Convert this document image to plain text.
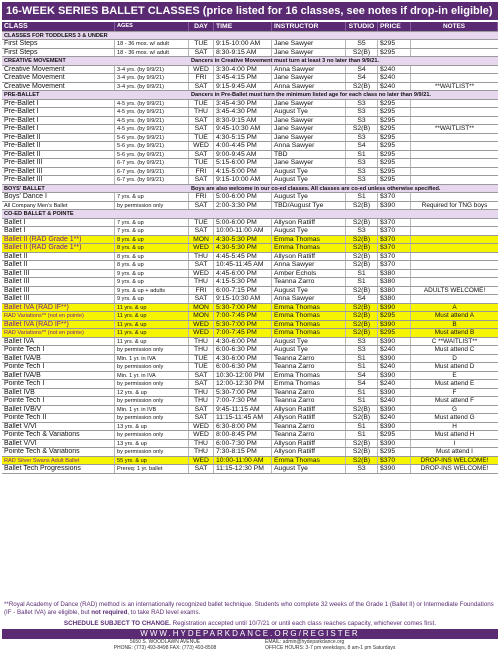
16-WEEK SERIES BALLET CLASSES (price listed for 16 classes, see notes if drop-in eligible)
CLASS	AGES	DAY	TIME	INSTRUCTOR	STUDIO PRICE	NOTES
CLASSES FOR TODDLERS 3 & UNDER
First Steps	18 - 36 mos. w/ adult	TUE	9:15-10:00 AM	Jane Sawyer	S5	$295
First Steps	18 - 36 mos. w/ adult	SAT	8:30-9:15 AM	Jane Sawyer	S2(B)	$295
CREATIVE MOVEMENT	Dancers in Creative Movement must turn at least 3 no later than 9/9/21.
Creative Movement	3-4 yrs. (by 9/9/21)	WED	3:30-4:00 PM	Anna Sawyer	S4	$240
Creative Movement	3-4 yrs. (by 9/9/21)	FRI	3:45-4:15 PM	Jane Sawyer	S4	$240
Creative Movement	3-4 yrs. (by 9/9/21)	SAT	9:15-9:45 AM	Anna Sawyer	S2(B)	$240	**WAITLIST**
PRE-BALLET	Dancers in Pre-Ballet must turn the minimum listed age for each class no later than 9/9/21.
Pre-Ballet I	4-5 yrs. (by 9/9/21)	TUE	3:45-4:30 PM	Jane Sawyer	S3	$295
Pre-Ballet I	4-5 yrs. (by 9/9/21)	THU	3:45-4:30 PM	August Tye	S3	$295
Pre-Ballet I	4-5 yrs. (by 9/9/21)	SAT	8:30-9:15 AM	Jane Sawyer	S3	$295
Pre-Ballet I	4-5 yrs. (by 9/9/21)	SAT	9:45-10:30 AM	Jane Sawyer	S2(B)	$295	**WAITLIST**
Pre-Ballet II	5-6 yrs. (by 9/9/21)	TUE	4:30-5:15 PM	Jane Sawyer	S3	$295
Pre-Ballet II	5-6 yrs. (by 9/9/21)	WED	4:00-4:45 PM	Anna Sawyer	S4	$295
Pre-Ballet II	5-6 yrs. (by 9/9/21)	SAT	9:00-9:45 AM	TBD	S1	$295
Pre-Ballet III	6-7 yrs. (by 9/9/21)	TUE	5:15-6:00 PM	Jane Sawyer	S3	$295
Pre-Ballet III	6-7 yrs. (by 9/9/21)	FRI	4:15-5:00 PM	August Tye	S3	$295
Pre-Ballet III	6-7 yrs. (by 9/9/21)	SAT	9:15-10:00 AM	August Tye	S3	$295
BOYS' BALLET	Boys are also welcome in our co-ed classes. All classes are co-ed unless otherwise specified.
Boys' Dance I	7 yrs. & up	FRI	5:00-6:00 PM	August Tye	S1	$370
All Company Men's Ballet	by permission only	SAT	2:00-3:30 PM	TBD/August Tye	S2(B)	$390	Required for TNG boys
CO-ED BALLET & POINTE
Ballet I	7 yrs. & up	TUE	5:00-6:00 PM	Allyson Ratliff	S2(B)	$370
Ballet I	7 yrs. & up	SAT	10:00-11:00 AM	August Tye	S3	$370
Ballet II (RAD Grade 1**)	8 yrs. & up	MON	4:30-5:30 PM	Emma Thomas	S2(B)	$370
Ballet II (RAD Grade 1**)	8 yrs. & up	WED	4:30-5:30 PM	Emma Thomas	S2(B)	$370
Ballet II	8 yrs. & up	THU	4:45-5:45 PM	Allyson Ratliff	S2(B)	$370
Ballet II	8 yrs. & up	SAT	10:45-11:45 AM	Anna Sawyer	S2(B)	$370
Ballet III	9 yrs. & up	WED	4:45-6:00 PM	Amber Echols	S1	$380
Ballet III	9 yrs. & up	THU	4:15-5:30 PM	Teanna Zarro	S1	$380
Ballet III	9 yrs. & up + adults	FRI	6:00-7:15 PM	August Tye	S2(B)	$380	ADULTS WELCOME!
Ballet III	9 yrs. & up	SAT	9:15-10:30 AM	Anna Sawyer	S4	$380
Ballet IVA (RAD IF**)	11 yrs. & up	MON	5:30-7:00 PM	Emma Thomas	S2(B)	$390	A
RAD Variations** (not en pointe)	11 yrs. & up	MON	7:00-7:45 PM	Emma Thomas	S2(B)	$295	Must attend A
Ballet IVA (RAD IF**)	11 yrs. & up	WED	5:30-7:00 PM	Emma Thomas	S2(B)	$390	B
RAD Variations** (not en pointe)	11 yrs. & up	WED	7:00-7:45 PM	Emma Thomas	S2(B)	$295	Must attend B
Ballet IVA	11 yrs. & up	THU	4:30-6:00 PM	August Tye	S3	$390	C **WAITLIST**
Pointe Tech I	by permission only	THU	6:00-6:30 PM	August Tye	S3	$240	Must attend C
Ballet IVA/B	Min. 1 yr. in IVA	TUE	4:30-6:00 PM	Teanna Zarro	S1	$390	D
Pointe Tech I	by permission only	TUE	6:00-6:30 PM	Teanna Zarro	S1	$240	Must attend D
Ballet IVA/B	Min. 1 yr. in IVA	SAT	10:30-12:00 PM	Emma Thomas	S4	$390	E
Pointe Tech I	by permission only	SAT	12:00-12:30 PM	Emma Thomas	S4	$240	Must attend E
Ballet IVB	12 yrs. & up	THU	5:30-7:00 PM	Teanna Zarro	S1	$390	F
Pointe Tech I	by permission only	THU	7:00-7:30 PM	Teanna Zarro	S1	$240	Must attend F
Ballet IVB/V	Min. 1 yr. in IVB	SAT	9:45-11:15 AM	Allyson Ratliff	S2(B)	$390	G
Pointe Tech II	by permission only	SAT	11:15-11:45 AM	Allyson Ratliff	S2(B)	$240	Must attend G
Ballet V/VI	13 yrs. & up	WED	6:30-8:00 PM	Teanna Zarro	S1	$390	H
Pointe Tech & Variations	by permission only	WED	8:00-8:45 PM	Teanna Zarro	S1	$295	Must attend H
Ballet V/VI	13 yrs. & up	THU	6:00-7:30 PM	Allyson Ratliff	S2(B)	$390	I
Pointe Tech & Variations	by permission only	THU	7:30-8:15 PM	Allyson Ratliff	S2(B)	$295	Must attend I
RAD Silver Swans Adult Ballet	55 yrs. & up	WED	10:00-11:00 AM	Emma Thomas	S2(B)	$370	DROP-INS WELCOME!
Ballet Tech Progressions	Prereq: 1 yr. ballet	SAT	11:15-12:30 PM	August Tye	S3	$390	DROP-INS WELCOME!
**Royal Academy of Dance (RAD) method is an internationally recognized ballet technique. Students who complete 32 weeks of the Grade 1 (Ballet II) or Intermediate Foundations (IF - Ballet IVA) are eligible, but not required, to take RAD level exams.
SCHEDULE SUBJECT TO CHANGE. Registration accepted until 10/7/21 or until each class reaches capacity, whichever comes first.
WWW.HYDEPARKDANCE.ORG/REGISTER
5650 S. WOODLAWN AVENUE
PHONE: (773) 493-8498 FAX: (773) 493-8508
EMAIL: admin@hydeparkdance.org
OFFICE HOURS: 3-7 pm weekdays, 8 am-1 pm Saturdays
